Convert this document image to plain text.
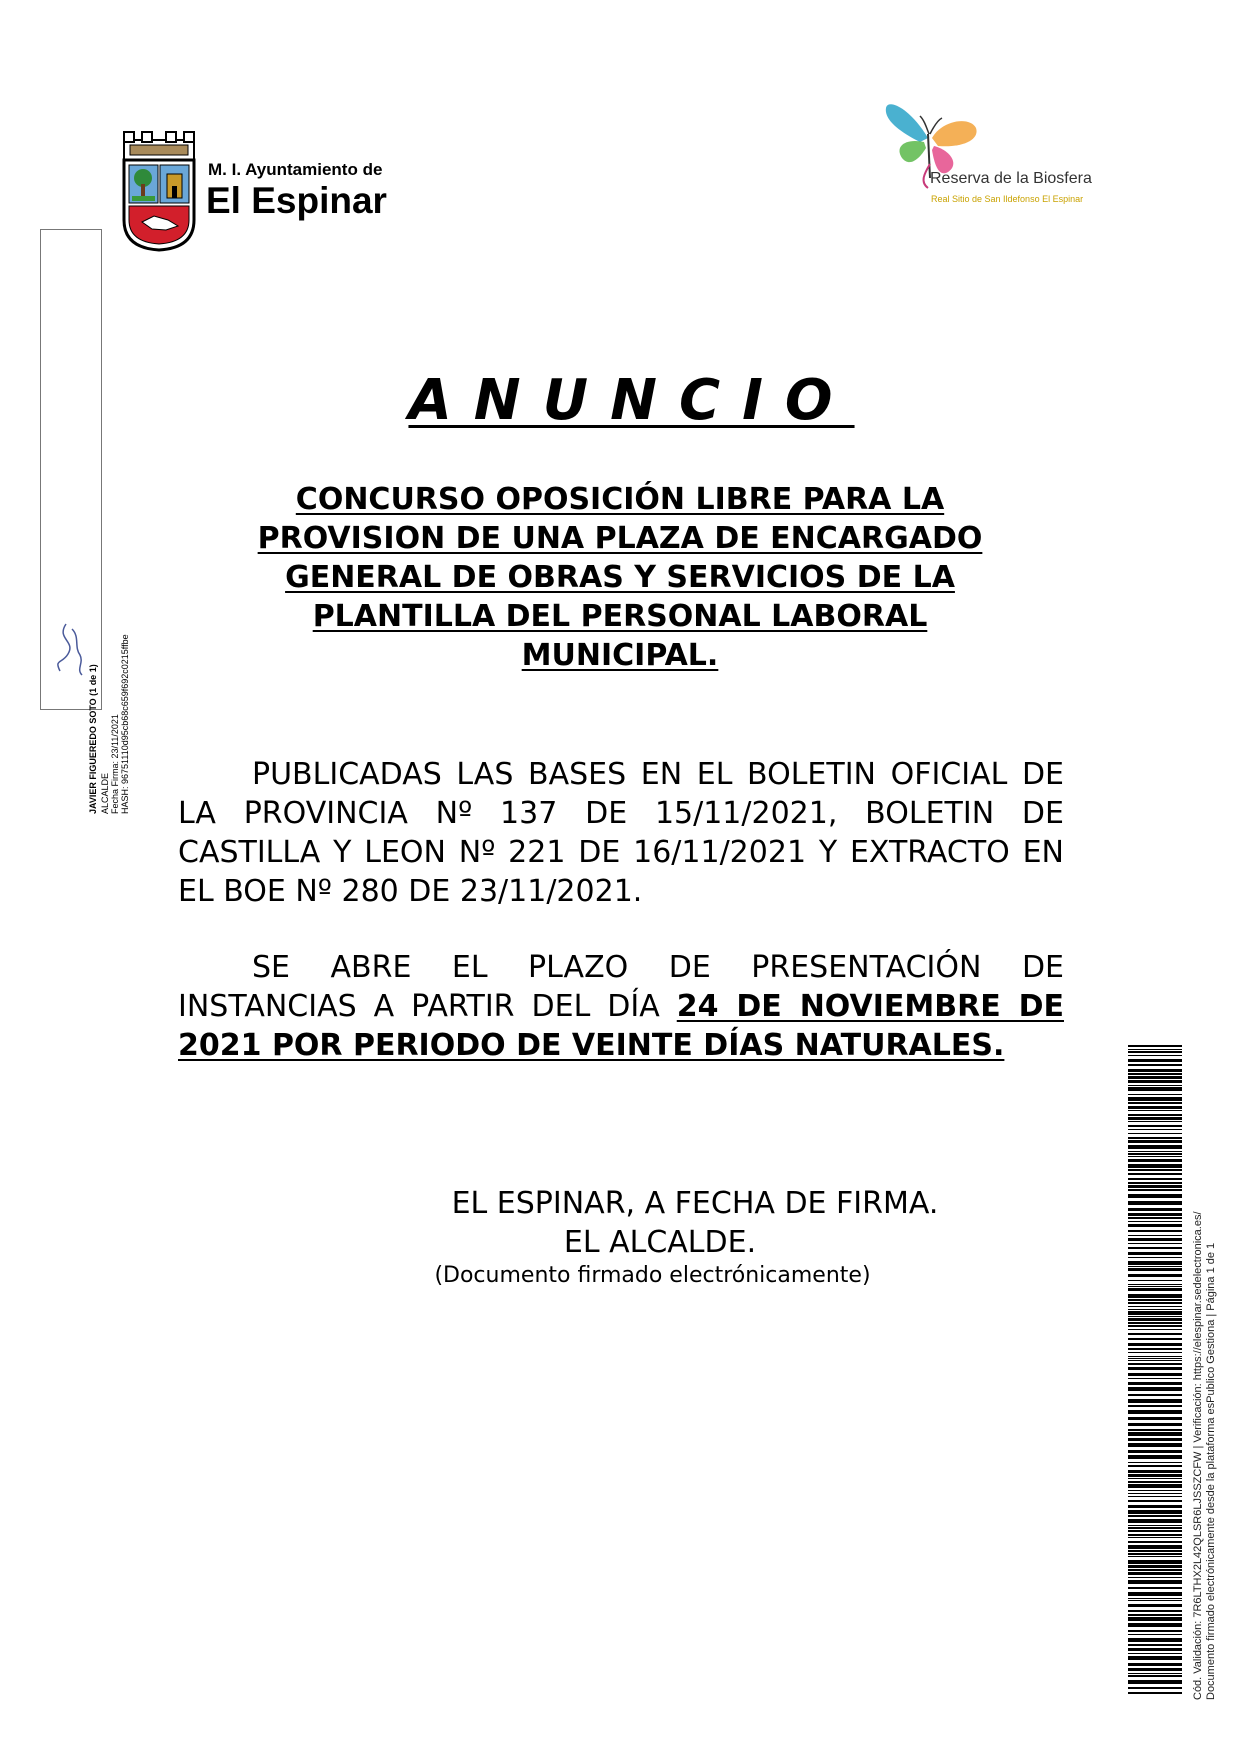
M. I. Ayuntamiento de
El Espinar
Reserva de la Biosfera
Real Sitio de San Ildefonso El Espinar
JAVIER FIGUEREDO SOTO (1 de 1) ALCALDE Fecha Firma: 23/11/2021 HASH: 96751110d95cb68c659f692c0215ffbe
ANUNCIO
CONCURSO OPOSICIÓN LIBRE PARA LA
PROVISION DE UNA PLAZA DE ENCARGADO
GENERAL DE OBRAS Y SERVICIOS DE LA
PLANTILLA DEL PERSONAL LABORAL
MUNICIPAL.
PUBLICADAS LAS BASES EN EL BOLETIN OFICIAL DE LA PROVINCIA Nº 137 DE 15/11/2021, BOLETIN DE CASTILLA Y LEON Nº 221 DE 16/11/2021 Y EXTRACTO EN EL BOE Nº 280 DE 23/11/2021.
SE ABRE EL PLAZO DE PRESENTACIÓN DE INSTANCIAS A PARTIR DEL DÍA 24 DE NOVIEMBRE DE 2021 POR PERIODO DE VEINTE DÍAS NATURALES.
EL ESPINAR, A FECHA DE FIRMA.
EL ALCALDE.
(Documento firmado electrónicamente)	Cód. Validación: 7R6LTHX2L42QLSR6LJSSZCFW | Verificación: https://elespinar.sedelectronica.es/ Documento firmado electrónicamente desde la plataforma esPublico Gestiona | Página 1 de 1
